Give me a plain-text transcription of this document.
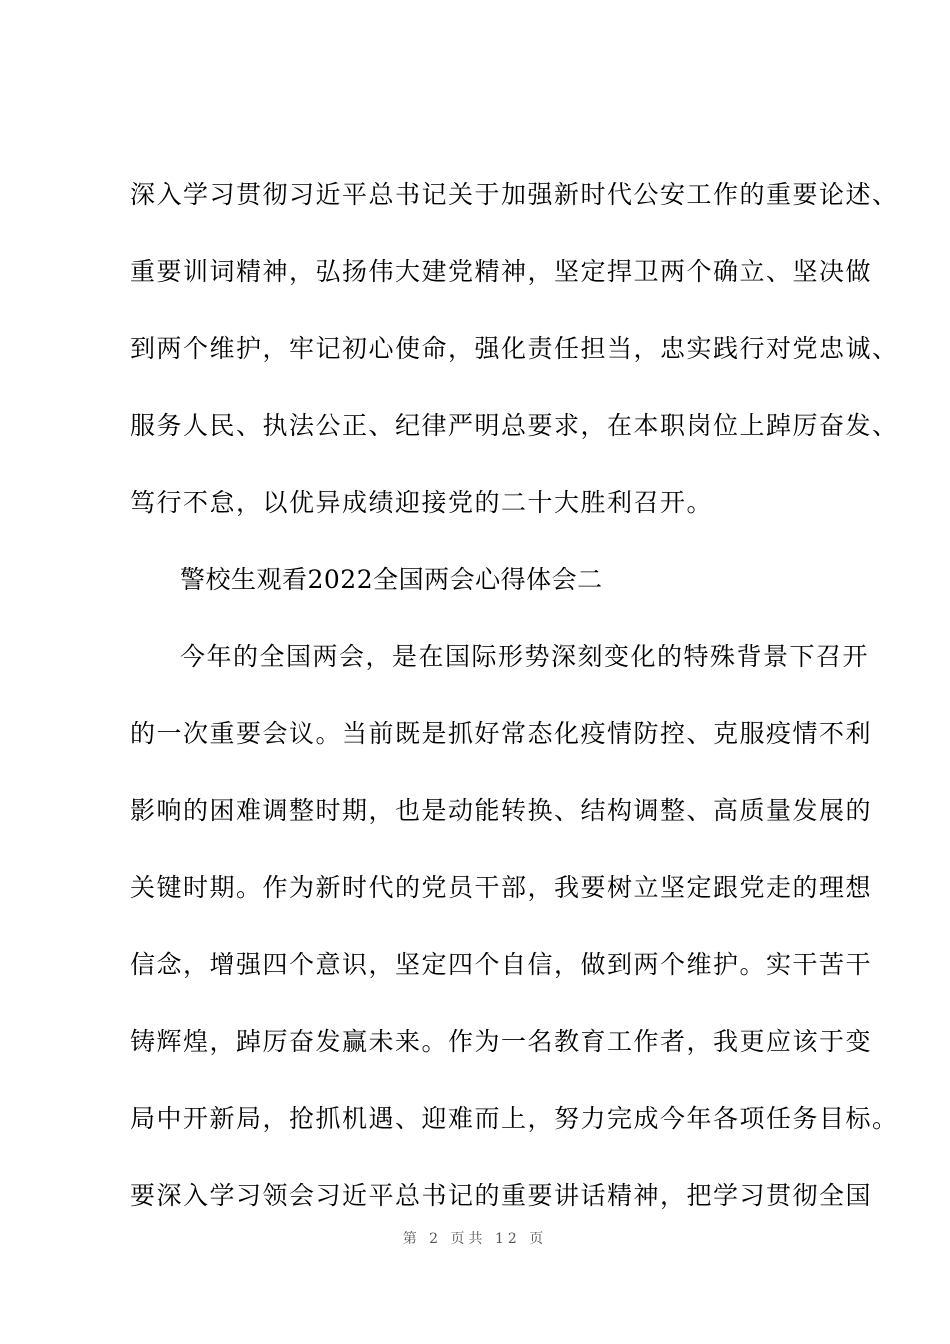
深入学习贯彻习近平总书记关于加强新时代公安工作的重要论述、
重要训词精神，弘扬伟大建党精神，坚定捍卫两个确立、坚决做
到两个维护，牢记初心使命，强化责任担当，忠实践行对党忠诚、
服务人民、执法公正、纪律严明总要求，在本职岗位上踔厉奋发、
笃行不怠，以优异成绩迎接党的二十大胜利召开。
警校生观看2022全国两会心得体会二
今年的全国两会，是在国际形势深刻变化的特殊背景下召开
的一次重要会议。当前既是抓好常态化疫情防控、克服疫情不利
影响的困难调整时期，也是动能转换、结构调整、高质量发展的
关键时期。作为新时代的党员干部，我要树立坚定跟党走的理想
信念，增强四个意识，坚定四个自信，做到两个维护。实干苦干
铸辉煌，踔厉奋发赢未来。作为一名教育工作者，我更应该于变
局中开新局，抢抓机遇、迎难而上，努力完成今年各项任务目标。
要深入学习领会习近平总书记的重要讲话精神，把学习贯彻全国
第 2 页共 12 页
